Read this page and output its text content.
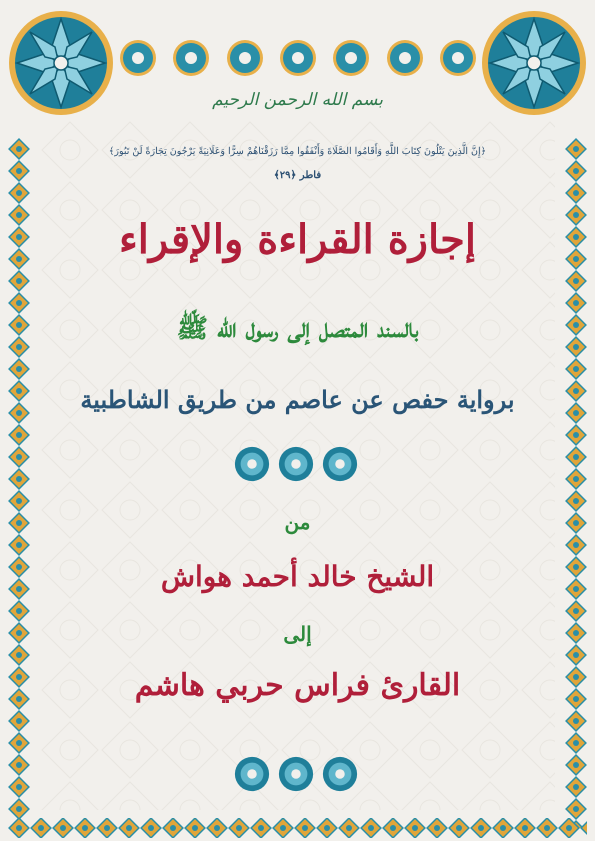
بسم الله الرحمن الرحيم
﴿إِنَّ الَّذِينَ يَتْلُونَ كِتَابَ اللَّهِ وَأَقَامُوا الصَّلَاةَ وَأَنْفَقُوا مِمَّا رَزَقْنَاهُمْ سِرًّا وَعَلَانِيَةً يَرْجُونَ تِجَارَةً لَنْ تَبُورَ﴾
فاطر ﴿٢٩﴾
إجازة القراءة والإقراء
بالسند المتصل إلى رسول الله ﷺ
برواية حفص عن عاصم من طريق الشاطبية
من
الشيخ خالد أحمد هواش
إلى
القارئ فراس حربي هاشم
